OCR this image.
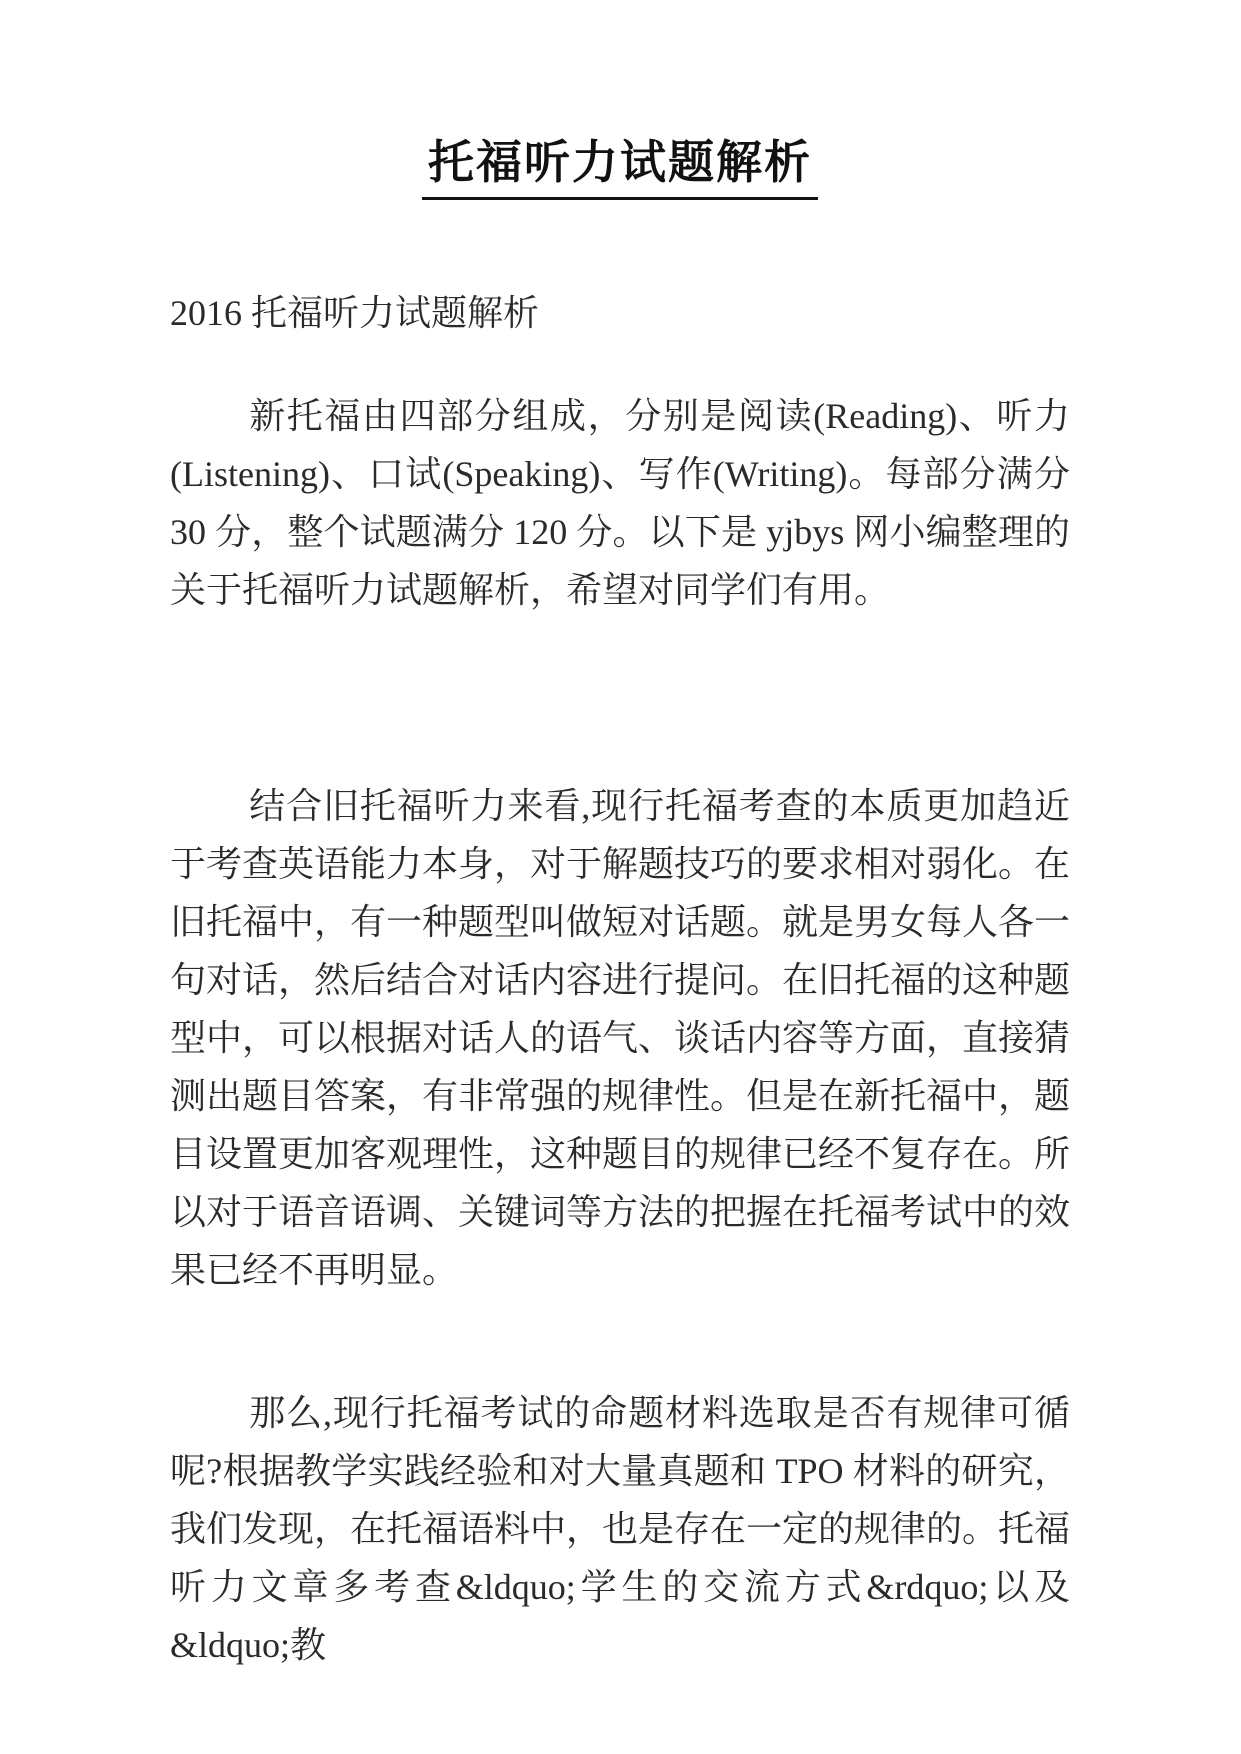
托福听力试题解析

2016 托福听力试题解析

新托福由四部分组成，分别是阅读(Reading)、听力(Listening)、口试(Speaking)、写作(Writing)。每部分满分 30 分，整个试题满分 120 分。以下是 yjbys 网小编整理的关于托福听力试题解析，希望对同学们有用。

结合旧托福听力来看,现行托福考查的本质更加趋近于考查英语能力本身，对于解题技巧的要求相对弱化。在旧托福中，有一种题型叫做短对话题。就是男女每人各一句对话，然后结合对话内容进行提问。在旧托福的这种题型中，可以根据对话人的语气、谈话内容等方面，直接猜测出题目答案，有非常强的规律性。但是在新托福中，题目设置更加客观理性，这种题目的规律已经不复存在。所以对于语音语调、关键词等方法的把握在托福考试中的效果已经不再明显。

那么,现行托福考试的命题材料选取是否有规律可循呢?根据教学实践经验和对大量真题和 TPO 材料的研究，我们发现，在托福语料中，也是存在一定的规律的。托福听力文章多考查&ldquo;学生的交流方式&rdquo;以及&ldquo;教
